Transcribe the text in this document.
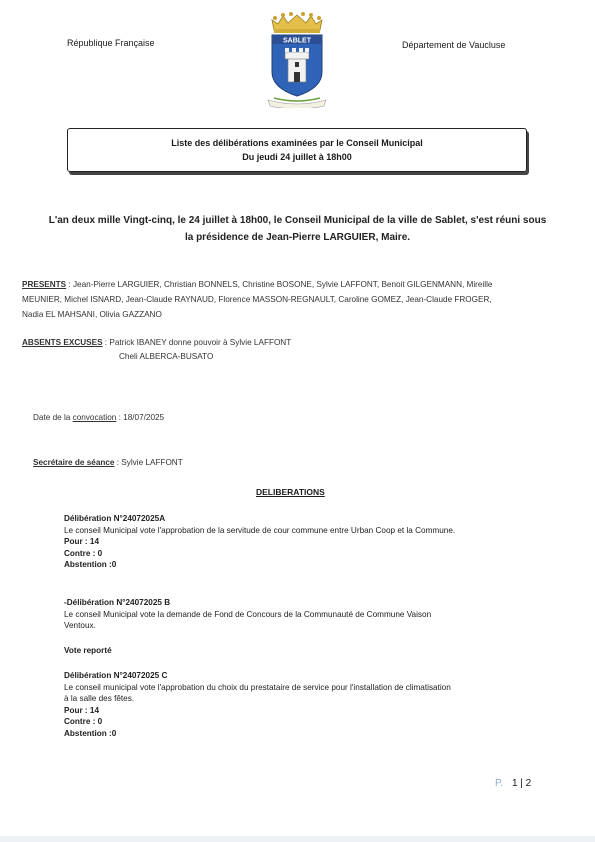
République Française	Département de Vaucluse
SABLET
Liste des délibérations examinées par le Conseil Municipal
Du jeudi 24 juillet à 18h00
L'an deux mille Vingt-cinq, le 24 juillet à 18h00, le Conseil Municipal de la ville de Sablet, s'est réuni sous
la présidence de Jean-Pierre LARGUIER, Maire.
PRESENTS : Jean-Pierre LARGUIER, Christian BONNELS, Christine BOSONE, Sylvie LAFFONT, Benoit GILGENMANN, Mireille
MEUNIER, Michel ISNARD, Jean-Claude RAYNAUD, Florence MASSON-REGNAULT, Caroline GOMEZ, Jean-Claude FROGER,
Nadia EL MAHSANI, Olivia GAZZANO
ABSENTS EXCUSES : Patrick IBANEY donne pouvoir à Sylvie LAFFONT
Cheli ALBERCA-BUSATO
Date de la convocation : 18/07/2025
Secrétaire de séance : Sylvie LAFFONT
DELIBERATIONS
Délibération N°24072025A
Le conseil Municipal vote l'approbation de la servitude de cour commune entre Urban Coop et la Commune.
Pour : 14
Contre : 0
Abstention :0
-Délibération N°24072025 B
Le conseil Municipal vote la demande de Fond de Concours de la Communauté de Commune Vaison
Ventoux.
Vote reporté
Délibération N°24072025 C
Le conseil municipal vote l'approbation du choix du prestataire de service pour l'installation de climatisation
à la salle des fêtes.
Pour : 14
Contre : 0
Abstention :0
P. 1 | 2
